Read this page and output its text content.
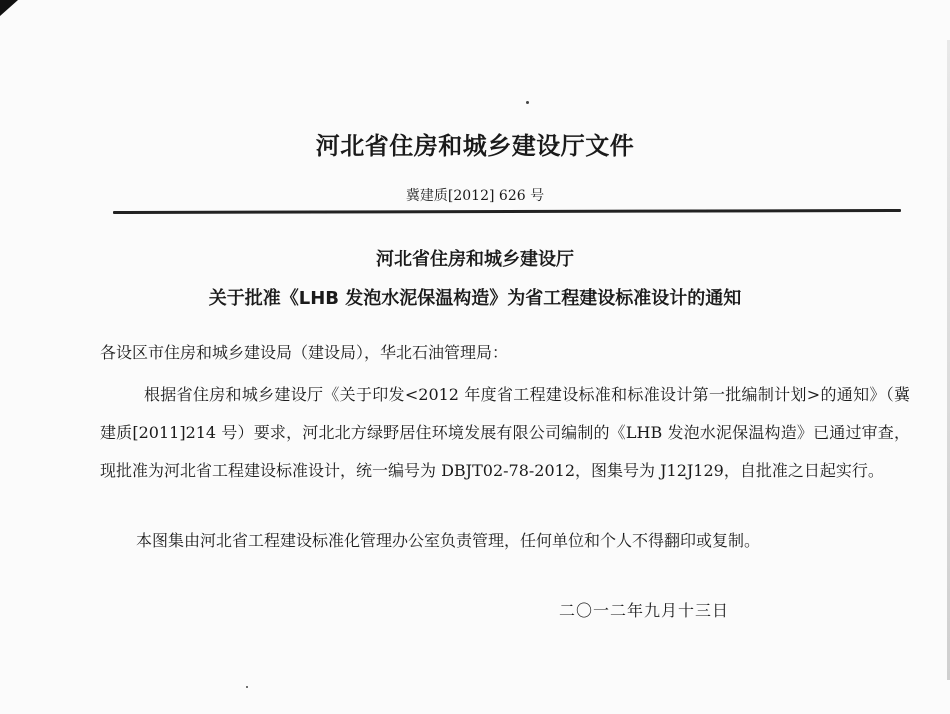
河北省住房和城乡建设厅文件

冀建质[2012] 626 号

河北省住房和城乡建设厅
关于批准《LHB 发泡水泥保温构造》为省工程建设标准设计的通知

各设区市住房和城乡建设局（建设局），华北石油管理局：

根据省住房和城乡建设厅《关于印发<2012 年度省工程建设标准和标准设计第一批编制计划>的通知》（冀建质[2011]214 号）要求，河北北方绿野居住环境发展有限公司编制的《LHB 发泡水泥保温构造》已通过审查，现批准为河北省工程建设标准设计，统一编号为 DBJT02-78-2012，图集号为 J12J129，自批准之日起实行。

本图集由河北省工程建设标准化管理办公室负责管理，任何单位和个人不得翻印或复制。

二〇一二年九月十三日
